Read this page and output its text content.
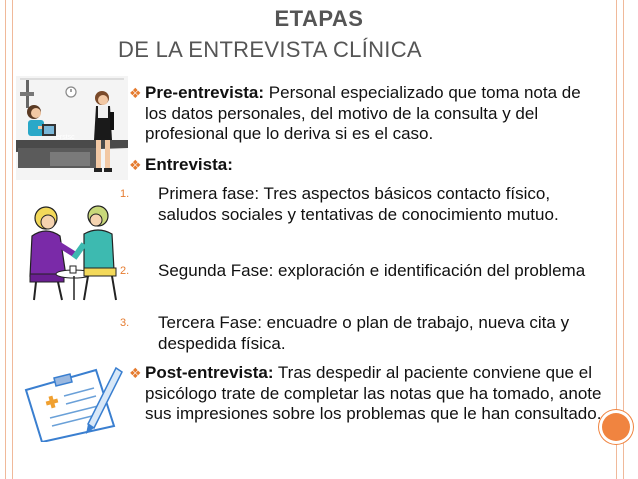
ETAPAS
DE LA ENTREVISTA CLÍNICA
erstsc
❖ Pre-entrevista: Personal especializado que toma nota de los datos personales, del motivo de la consulta y del profesional que lo deriva si es el caso.
❖ Entrevista:
1. Primera fase: Tres aspectos básicos contacto físico, saludos sociales y tentativas de conocimiento mutuo.
2. Segunda Fase: exploración e identificación del problema
3. Tercera Fase: encuadre o plan de trabajo, nueva cita y despedida física.
❖ Post-entrevista: Tras despedir al paciente conviene que el psicólogo trate de completar las notas que ha tomado, anote sus impresiones sobre los problemas que le han consultado.
